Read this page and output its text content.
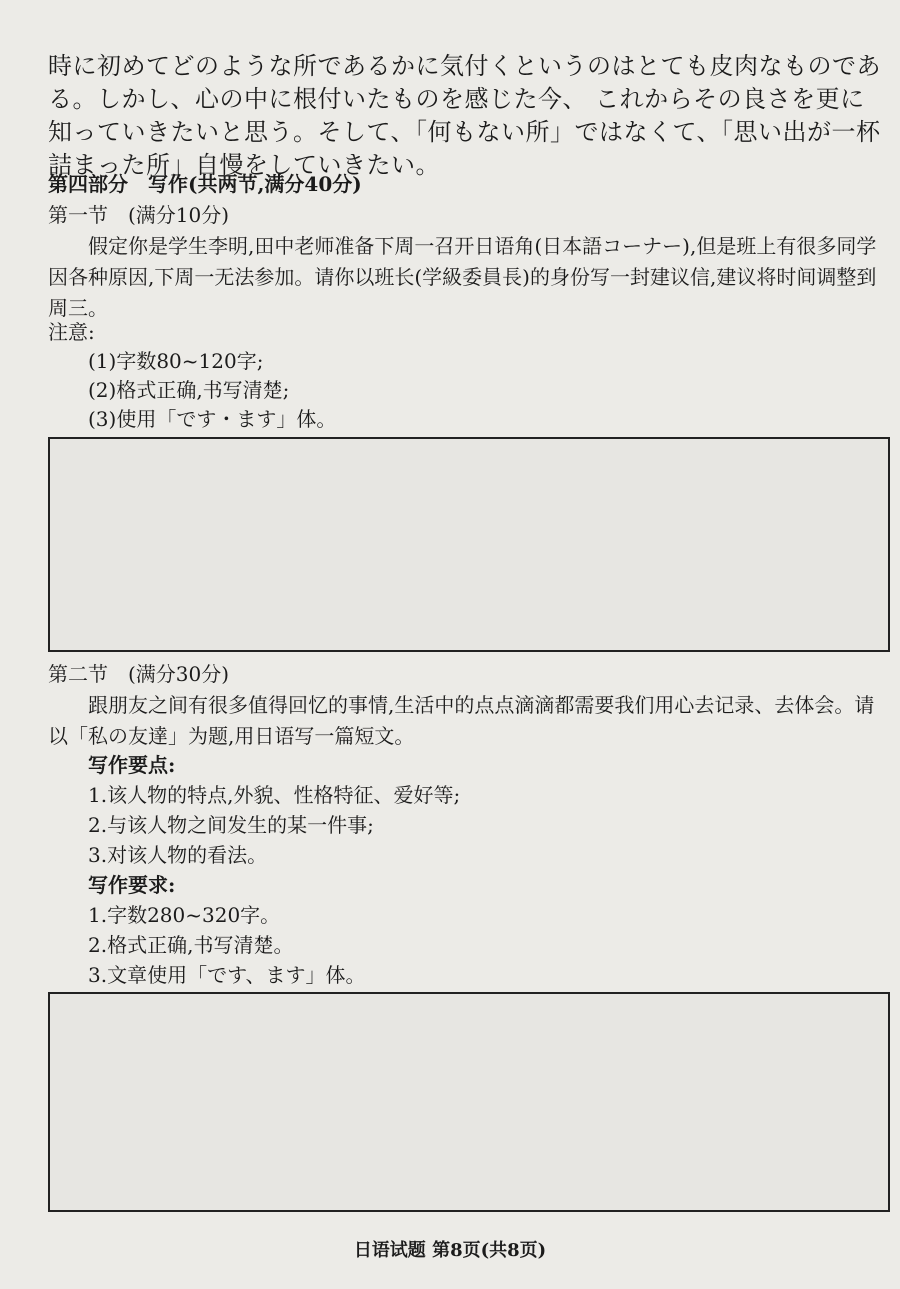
時に初めてどのような所であるかに気付くというのはとても皮肉なものである。しかし、心の中に根付いたものを感じた今、 これからその良さを更に知っていきたいと思う。そして、「何もない所」ではなくて、「思い出が一杯詰まった所」自慢をしていきたい。
第四部分　写作(共两节,满分40分)
第一节　(满分10分)
假定你是学生李明,田中老师准备下周一召开日语角(日本語コーナー),但是班上有很多同学因各种原因,下周一无法参加。请你以班长(学級委員長)的身份写一封建议信,建议将时间调整到周三。
注意:
(1)字数80~120字;
(2)格式正确,书写清楚;
(3)使用「です・ます」体。
第二节　(满分30分)
跟朋友之间有很多值得回忆的事情,生活中的点点滴滴都需要我们用心去记录、去体会。请以「私の友達」为题,用日语写一篇短文。
写作要点:
1.该人物的特点,外貌、性格特征、爱好等;
2.与该人物之间发生的某一件事;
3.对该人物的看法。
写作要求:
1.字数280~320字。
2.格式正确,书写清楚。
3.文章使用「です、ます」体。
日语试题 第8页(共8页)
